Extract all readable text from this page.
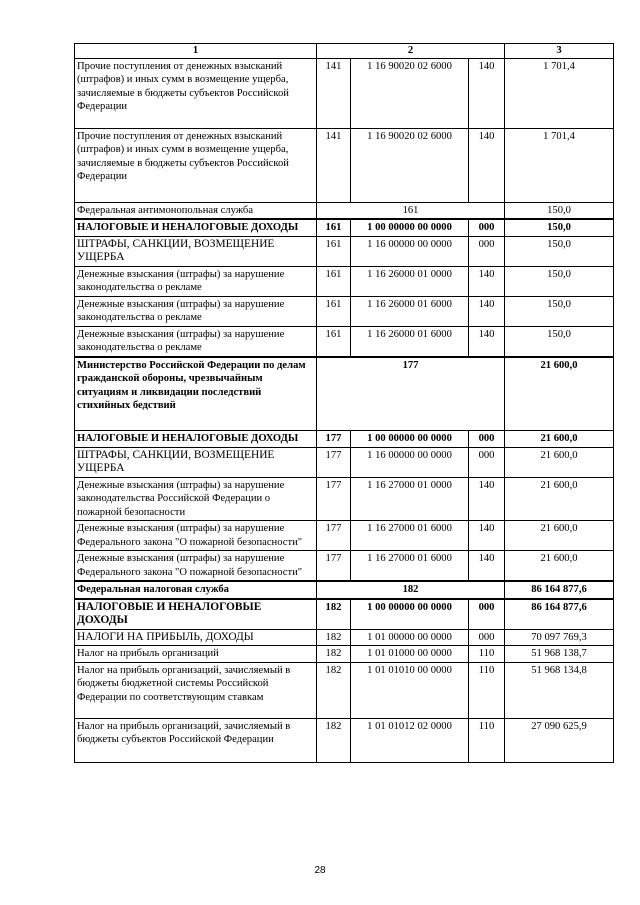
1	2			3
Прочие поступления от денежных взысканий (штрафов) и иных сумм в возмещение ущерба, зачисляемые в бюджеты субъектов Российской Федерации	141	1 16 90020 02 6000	140	1 701,4
Прочие поступления от денежных взысканий (штрафов) и иных сумм в возмещение ущерба, зачисляемые в бюджеты субъектов Российской Федерации	141	1 16 90020 02 6000	140	1 701,4
Федеральная антимонопольная служба	161			150,0
НАЛОГОВЫЕ И НЕНАЛОГОВЫЕ ДОХОДЫ	161	1 00 00000 00 0000	000	150,0
ШТРАФЫ, САНКЦИИ, ВОЗМЕЩЕНИЕ УЩЕРБА	161	1 16 00000 00 0000	000	150,0
Денежные взыскания (штрафы) за нарушение законодательства о рекламе	161	1 16 26000 01 0000	140	150,0
Денежные взыскания (штрафы) за нарушение законодательства о рекламе	161	1 16 26000 01 6000	140	150,0
Денежные взыскания (штрафы) за нарушение законодательства о рекламе	161	1 16 26000 01 6000	140	150,0
Министерство Российской Федерации по делам гражданской обороны, чрезвычайным ситуациям и ликвидации последствий стихийных бедствий	177			21 600,0
НАЛОГОВЫЕ И НЕНАЛОГОВЫЕ ДОХОДЫ	177	1 00 00000 00 0000	000	21 600,0
ШТРАФЫ, САНКЦИИ, ВОЗМЕЩЕНИЕ УЩЕРБА	177	1 16 00000 00 0000	000	21 600,0
Денежные взыскания (штрафы) за нарушение законодательства Российской Федерации о пожарной безопасности	177	1 16 27000 01 0000	140	21 600,0
Денежные взыскания (штрафы) за нарушение Федерального закона "О пожарной безопасности"	177	1 16 27000 01 6000	140	21 600,0
Денежные взыскания (штрафы) за нарушение Федерального закона "О пожарной безопасности"	177	1 16 27000 01 6000	140	21 600,0
Федеральная налоговая служба	182			86 164 877,6
НАЛОГОВЫЕ И НЕНАЛОГОВЫЕ ДОХОДЫ	182	1 00 00000 00 0000	000	86 164 877,6
НАЛОГИ НА ПРИБЫЛЬ, ДОХОДЫ	182	1 01 00000 00 0000	000	70 097 769,3
Налог на прибыль организаций	182	1 01 01000 00 0000	110	51 968 138,7
Налог на прибыль организаций, зачисляемый в бюджеты бюджетной системы Российской Федерации по соответствующим ставкам	182	1 01 01010 00 0000	110	51 968 134,8
Налог на прибыль организаций, зачисляемый в бюджеты субъектов Российской Федерации	182	1 01 01012 02 0000	110	27 090 625,9
28
